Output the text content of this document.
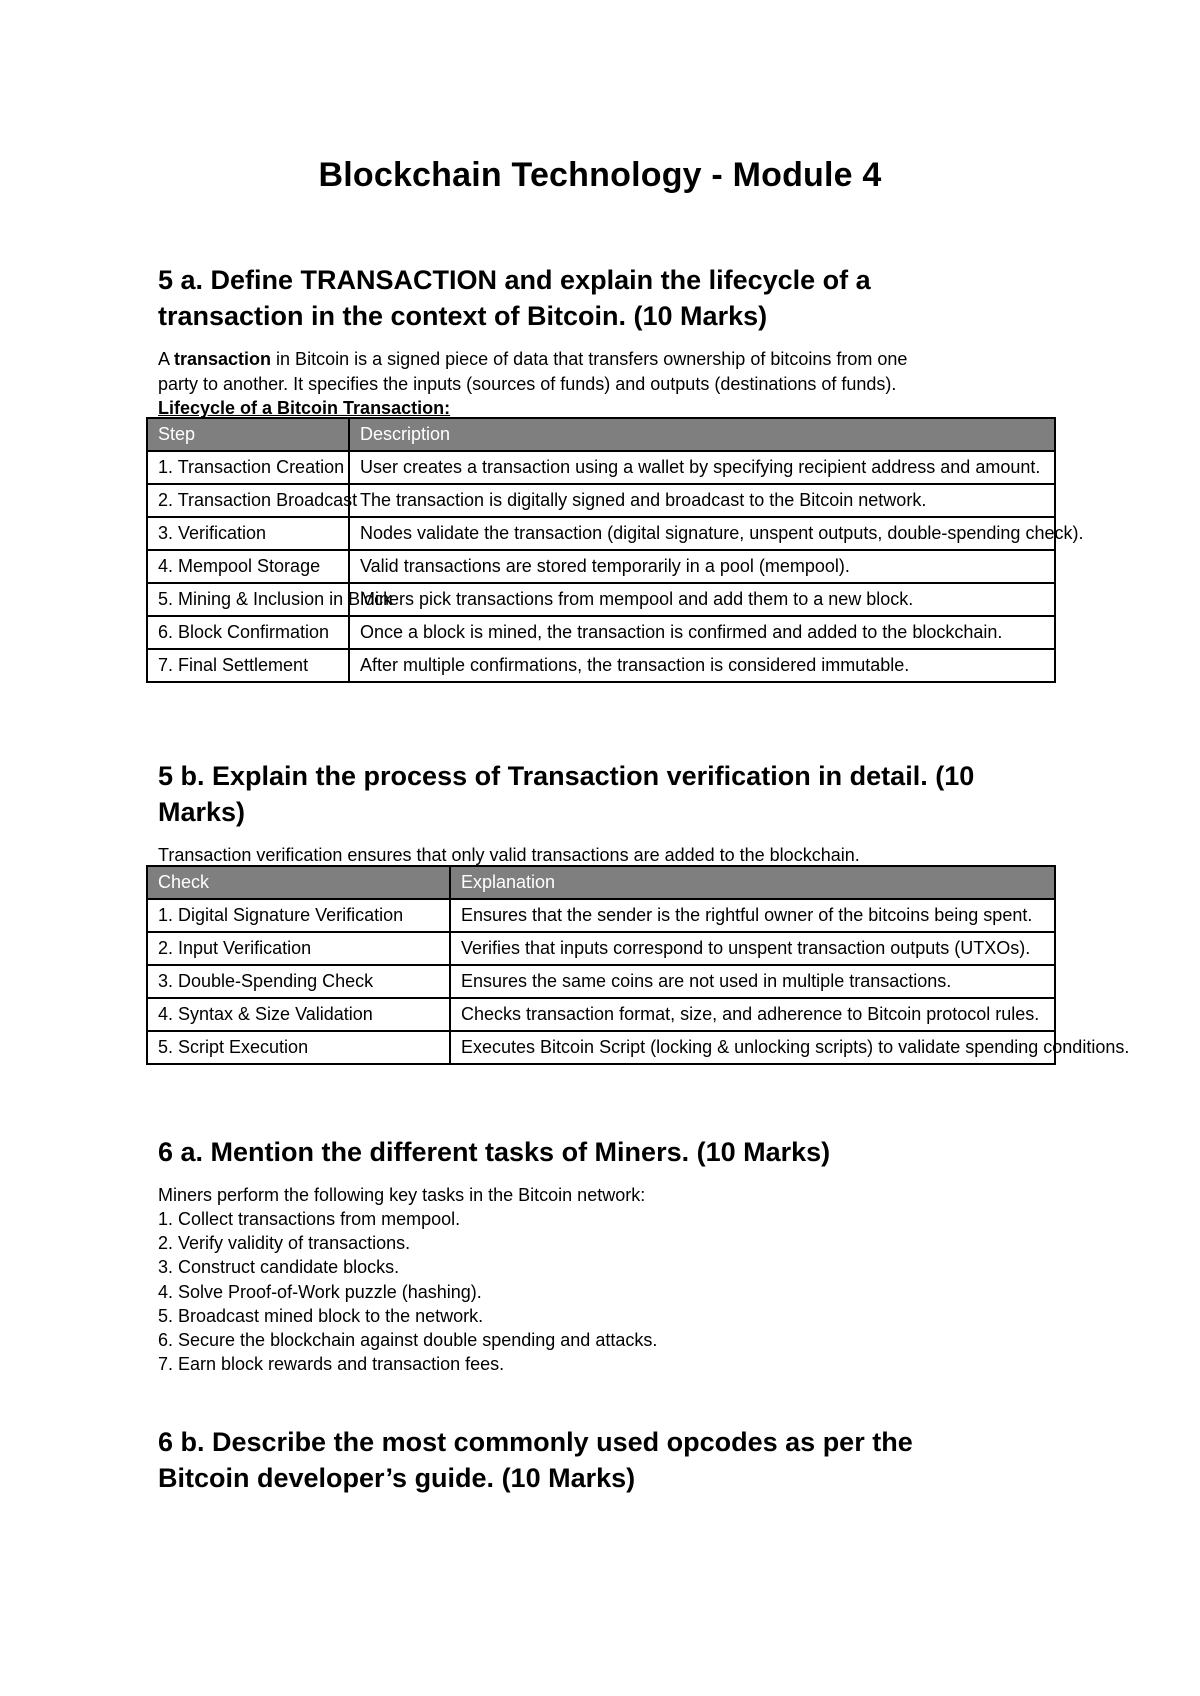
Blockchain Technology - Module 4
5 a. Define TRANSACTION and explain the lifecycle of a
transaction in the context of Bitcoin. (10 Marks)
A transaction in Bitcoin is a signed piece of data that transfers ownership of bitcoins from one
party to another. It specifies the inputs (sources of funds) and outputs (destinations of funds).
Lifecycle of a Bitcoin Transaction:
Step	Description
1. Transaction Creation	User creates a transaction using a wallet by specifying recipient address and amount.
2. Transaction Broadcast	The transaction is digitally signed and broadcast to the Bitcoin network.
3. Verification	Nodes validate the transaction (digital signature, unspent outputs, double-spending check).
4. Mempool Storage	Valid transactions are stored temporarily in a pool (mempool).
5. Mining & Inclusion in Block	Miners pick transactions from mempool and add them to a new block.
6. Block Confirmation	Once a block is mined, the transaction is confirmed and added to the blockchain.
7. Final Settlement	After multiple confirmations, the transaction is considered immutable.
5 b. Explain the process of Transaction verification in detail. (10
Marks)
Transaction verification ensures that only valid transactions are added to the blockchain.
Check	Explanation
1. Digital Signature Verification	Ensures that the sender is the rightful owner of the bitcoins being spent.
2. Input Verification	Verifies that inputs correspond to unspent transaction outputs (UTXOs).
3. Double-Spending Check	Ensures the same coins are not used in multiple transactions.
4. Syntax & Size Validation	Checks transaction format, size, and adherence to Bitcoin protocol rules.
5. Script Execution	Executes Bitcoin Script (locking & unlocking scripts) to validate spending conditions.
6 a. Mention the different tasks of Miners. (10 Marks)
Miners perform the following key tasks in the Bitcoin network:
1. Collect transactions from mempool.
2. Verify validity of transactions.
3. Construct candidate blocks.
4. Solve Proof-of-Work puzzle (hashing).
5. Broadcast mined block to the network.
6. Secure the blockchain against double spending and attacks.
7. Earn block rewards and transaction fees.
6 b. Describe the most commonly used opcodes as per the
Bitcoin developer’s guide. (10 Marks)
